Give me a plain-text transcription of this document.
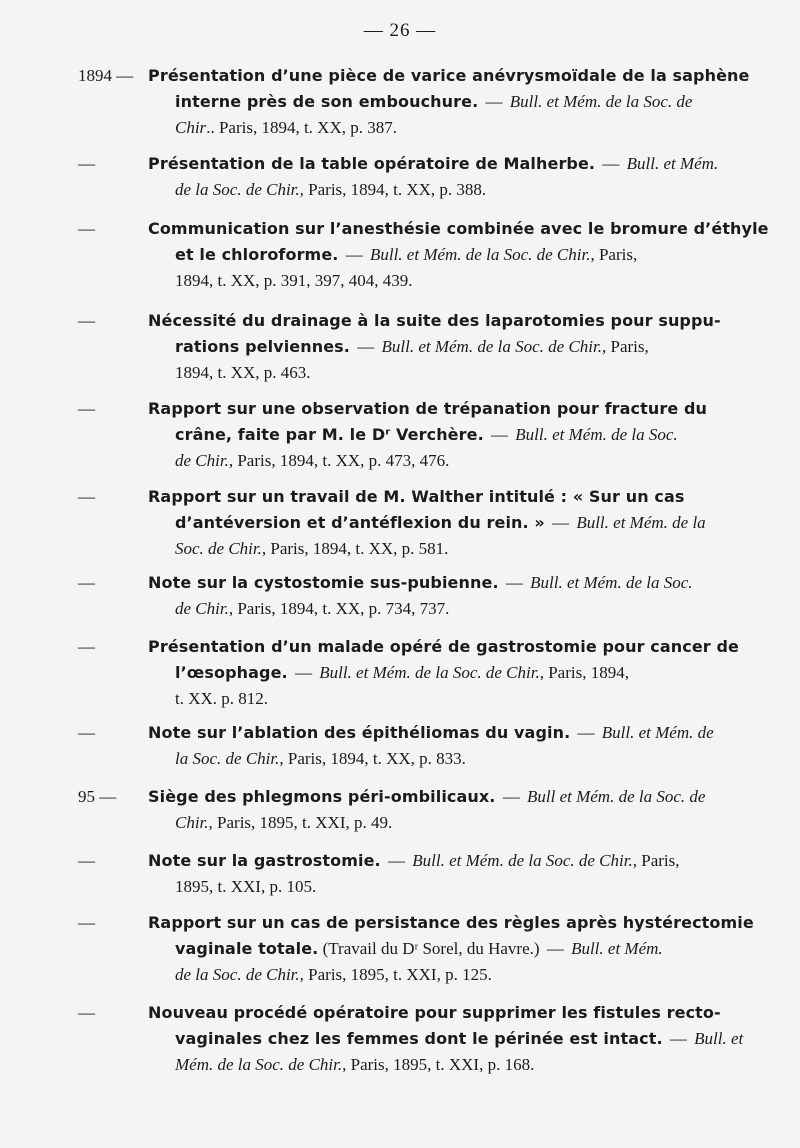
— 26 —
1894 — Présentation d’une pièce de varice anévrysmoïdale de la saphène
interne près de son embouchure. — Bull. et Mém. de la Soc. de
Chir.. Paris, 1894, t. XX, p. 387.
—	Présentation de la table opératoire de Malherbe. — Bull. et Mém.
de la Soc. de Chir., Paris, 1894, t. XX, p. 388.
—	Communication sur l’anesthésie combinée avec le bromure d’éthyle
et le chloroforme. — Bull. et Mém. de la Soc. de Chir., Paris,
1894, t. XX, p. 391, 397, 404, 439.
—	Nécessité du drainage à la suite des laparotomies pour suppu-
rations pelviennes. — Bull. et Mém. de la Soc. de Chir., Paris,
1894, t. XX, p. 463.
—	Rapport sur une observation de trépanation pour fracture du
crâne, faite par M. le Dʳ Verchère. — Bull. et Mém. de la Soc.
de Chir., Paris, 1894, t. XX, p. 473, 476.
—	Rapport sur un travail de M. Walther intitulé : « Sur un cas
d’antéversion et d’antéflexion du rein. » — Bull. et Mém. de la
Soc. de Chir., Paris, 1894, t. XX, p. 581.
—	Note sur la cystostomie sus-pubienne. — Bull. et Mém. de la Soc.
de Chir., Paris, 1894, t. XX, p. 734, 737.
—	Présentation d’un malade opéré de gastrostomie pour cancer de
l’œsophage. — Bull. et Mém. de la Soc. de Chir., Paris, 1894,
t. XX. p. 812.
—	Note sur l’ablation des épithéliomas du vagin. — Bull. et Mém. de
la Soc. de Chir., Paris, 1894, t. XX, p. 833.
95 — Siège des phlegmons péri-ombilicaux. — Bull et Mém. de la Soc. de
Chir., Paris, 1895, t. XXI, p. 49.
—	Note sur la gastrostomie. — Bull. et Mém. de la Soc. de Chir., Paris,
1895, t. XXI, p. 105.
—	Rapport sur un cas de persistance des règles après hystérectomie
vaginale totale. (Travail du Dʳ Sorel, du Havre.) — Bull. et Mém.
de la Soc. de Chir., Paris, 1895, t. XXI, p. 125.
—	Nouveau procédé opératoire pour supprimer les fistules recto-
vaginales chez les femmes dont le périnée est intact. — Bull. et
Mém. de la Soc. de Chir., Paris, 1895, t. XXI, p. 168.
